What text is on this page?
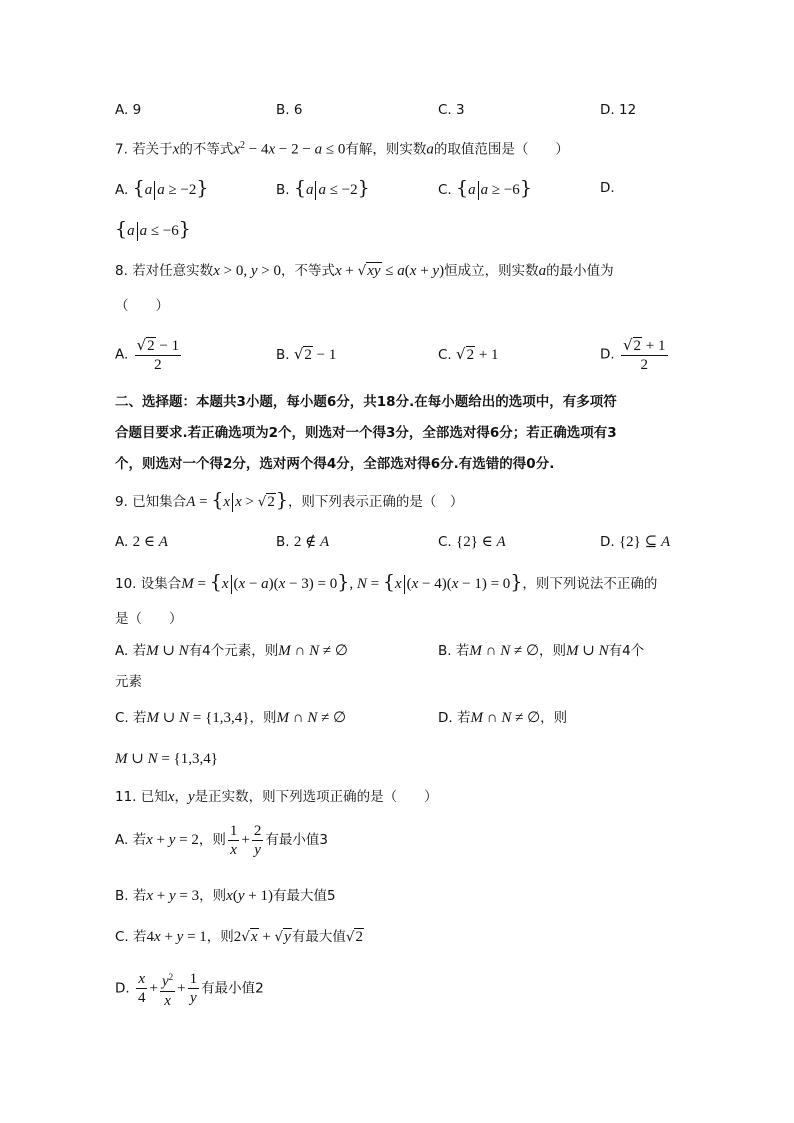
A. 9	B. 6	C. 3	D. 12
7. 若关于x的不等式$x^2 - 4x - 2 - a \le 0$有解，则实数a的取值范围是（　　）
A. {a a ≥ −2}	B. {a a ≤ −2}	C. {a a ≥ −6}	D.
{a a ≤ −6}
8. 若对任意实数x > 0, y > 0，不等式x + √xy ≤ a(x + y)恒成立，则实数a的最小值为
（　　）
A. $\frac{√2 - 1}{2}$	B. √2 − 1	C. √2 + 1	D. $\frac{√2 + 1}{2}$
二、选择题：本题共3小题，每小题6分，共18分.在每小题给出的选项中，有多项符
合题目要求.若正确选项为2个，则选对一个得3分，全部选对得6分；若正确选项有3
个，则选对一个得2分，选对两个得4分，全部选对得6分.有选错的得0分.
9. 已知集合A = {x x > √2}，则下列表示正确的是（　）
A. 2 ∈ A	B. 2 ∉ A	C. {2} ∈ A	D. {2} ⊆ A
10. 设集合M = {x (x − a)(x − 3) = 0}, N = {x (x − 4)(x − 1) = 0}，则下列说法不正确的
是（　　）
A. 若M ∪ N有4个元素，则M ∩ N ≠ ∅	B. 若M ∩ N ≠ ∅，则M ∪ N有4个
元素
C. 若M ∪ N = {1,3,4}，则M ∩ N ≠ ∅	D. 若M ∩ N ≠ ∅，则
M ∪ N = {1,3,4}
11. 已知x，y是正实数，则下列选项正确的是（　　）
A. 若x + y = 2，则 $\frac{1}{x} + \frac{2}{y}$ 有最小值3
B. 若x + y = 3，则x(y + 1)有最大值5
C. 若4x + y = 1，则2√x + √y有最大值√2
D. $\frac{x}{4} + \frac{y^2}{x} + \frac{1}{y}$ 有最小值2
